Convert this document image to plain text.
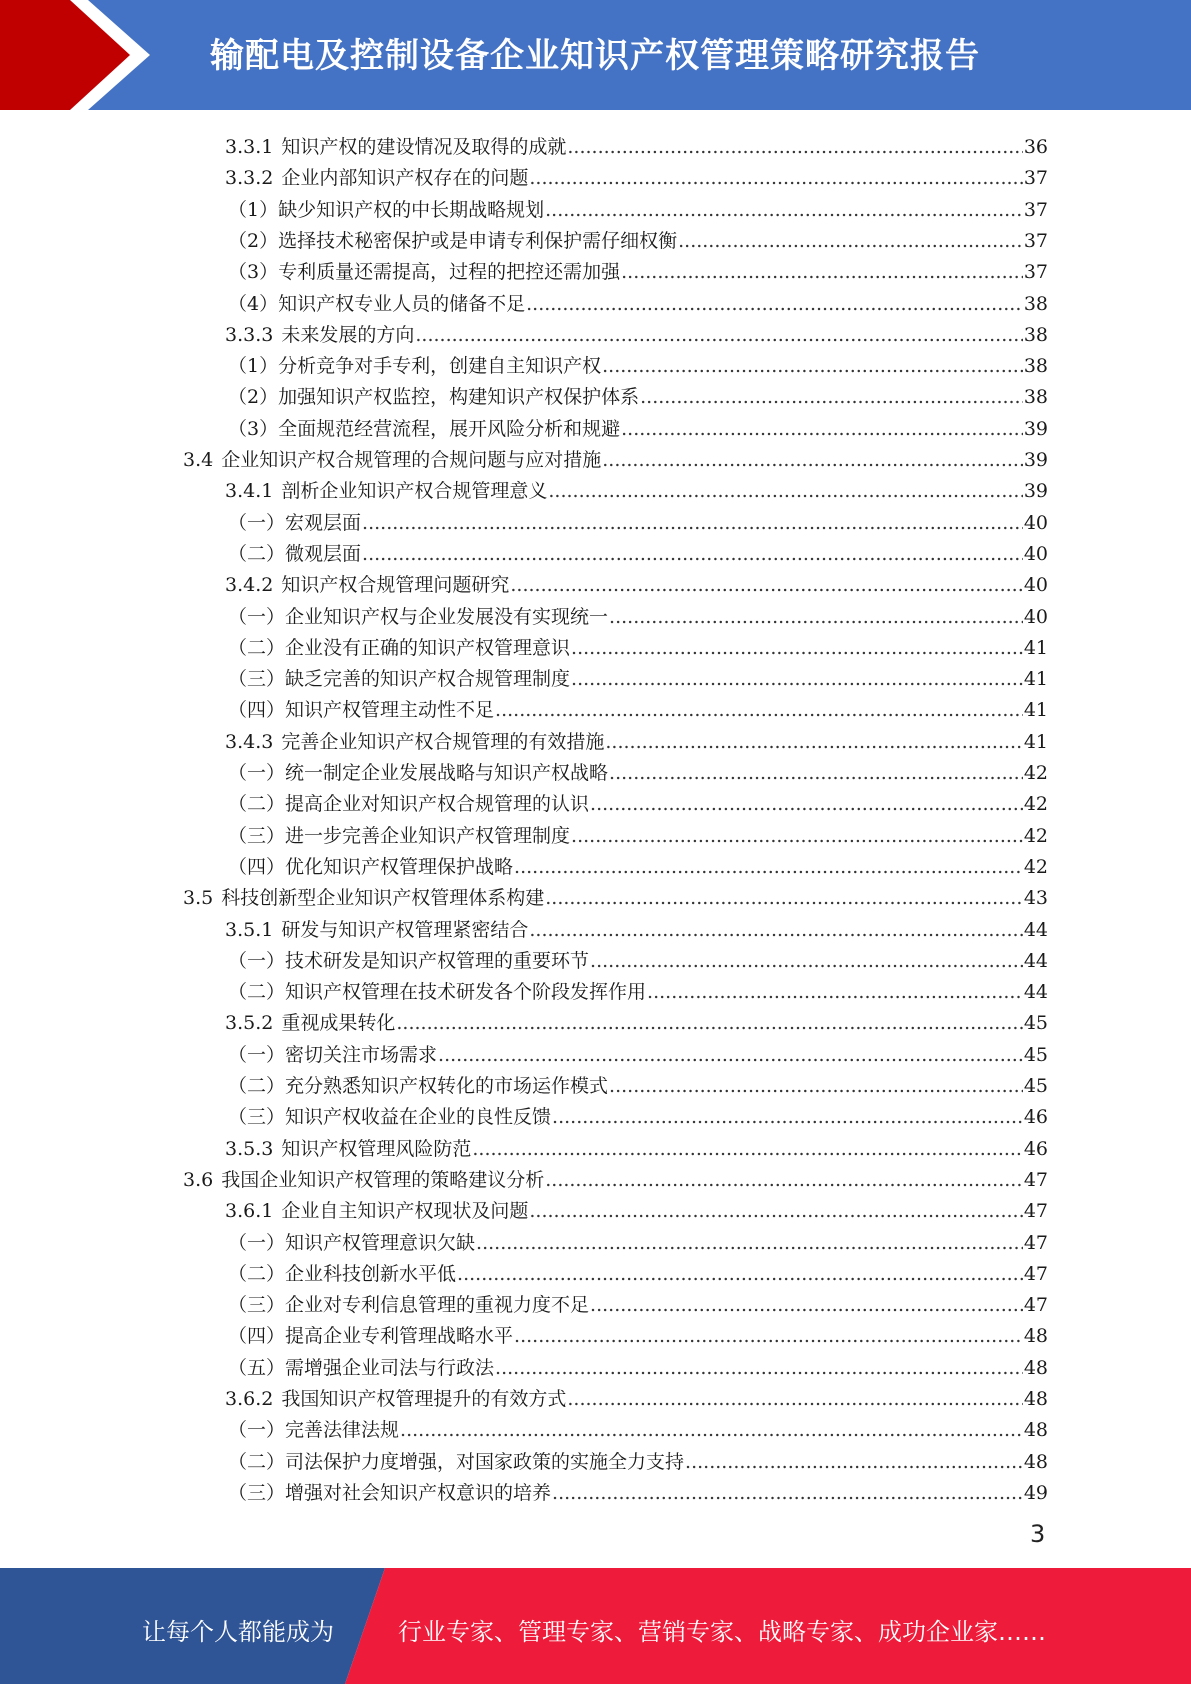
输配电及控制设备企业知识产权管理策略研究报告
3.3.1 知识产权的建设情况及取得的成就 .....	36
3.3.2 企业内部知识产权存在的问题 .....	37
（1） 缺少知识产权的中长期战略规划 .....	37
（2） 选择技术秘密保护或是申请专利保护需仔细权衡 .....	37
（3） 专利质量还需提高，过程的把控还需加强 .....	37
（4） 知识产权专业人员的储备不足 .....	38
3.3.3 未来发展的方向 .....	38
（1） 分析竞争对手专利，创建自主知识产权 .....	38
（2） 加强知识产权监控，构建知识产权保护体系 .....	38
（3） 全面规范经营流程，展开风险分析和规避 .....	39
3.4 企业知识产权合规管理的合规问题与应对措施 .....	39
3.4.1 剖析企业知识产权合规管理意义 .....	39
（一） 宏观层面 .....	40
（二） 微观层面 .....	40
3.4.2 知识产权合规管理问题研究 .....	40
（一） 企业知识产权与企业发展没有实现统一 .....	40
（二） 企业没有正确的知识产权管理意识 .....	41
（三） 缺乏完善的知识产权合规管理制度 .....	41
（四） 知识产权管理主动性不足 .....	41
3.4.3 完善企业知识产权合规管理的有效措施 .....	41
（一） 统一制定企业发展战略与知识产权战略 .....	42
（二） 提高企业对知识产权合规管理的认识 .....	42
（三） 进一步完善企业知识产权管理制度 .....	42
（四） 优化知识产权管理保护战略 .....	42
3.5 科技创新型企业知识产权管理体系构建 .....	43
3.5.1 研发与知识产权管理紧密结合 .....	44
（一） 技术研发是知识产权管理的重要环节 .....	44
（二） 知识产权管理在技术研发各个阶段发挥作用 .....	44
3.5.2 重视成果转化 .....	45
（一） 密切关注市场需求 .....	45
（二） 充分熟悉知识产权转化的市场运作模式 .....	45
（三） 知识产权收益在企业的良性反馈 .....	46
3.5.3 知识产权管理风险防范 .....	46
3.6 我国企业知识产权管理的策略建议分析 .....	47
3.6.1 企业自主知识产权现状及问题 .....	47
（一） 知识产权管理意识欠缺 .....	47
（二） 企业科技创新水平低 .....	47
（三） 企业对专利信息管理的重视力度不足 .....	47
（四） 提高企业专利管理战略水平 .....	48
（五） 需增强企业司法与行政法 .....	48
3.6.2 我国知识产权管理提升的有效方式 .....	48
（一） 完善法律法规 .....	48
（二） 司法保护力度增强，对国家政策的实施全力支持 .....	48
（三） 增强对社会知识产权意识的培养 .....	49
3
让每个人都能成为	行业专家、管理专家、营销专家、战略专家、成功企业家……
